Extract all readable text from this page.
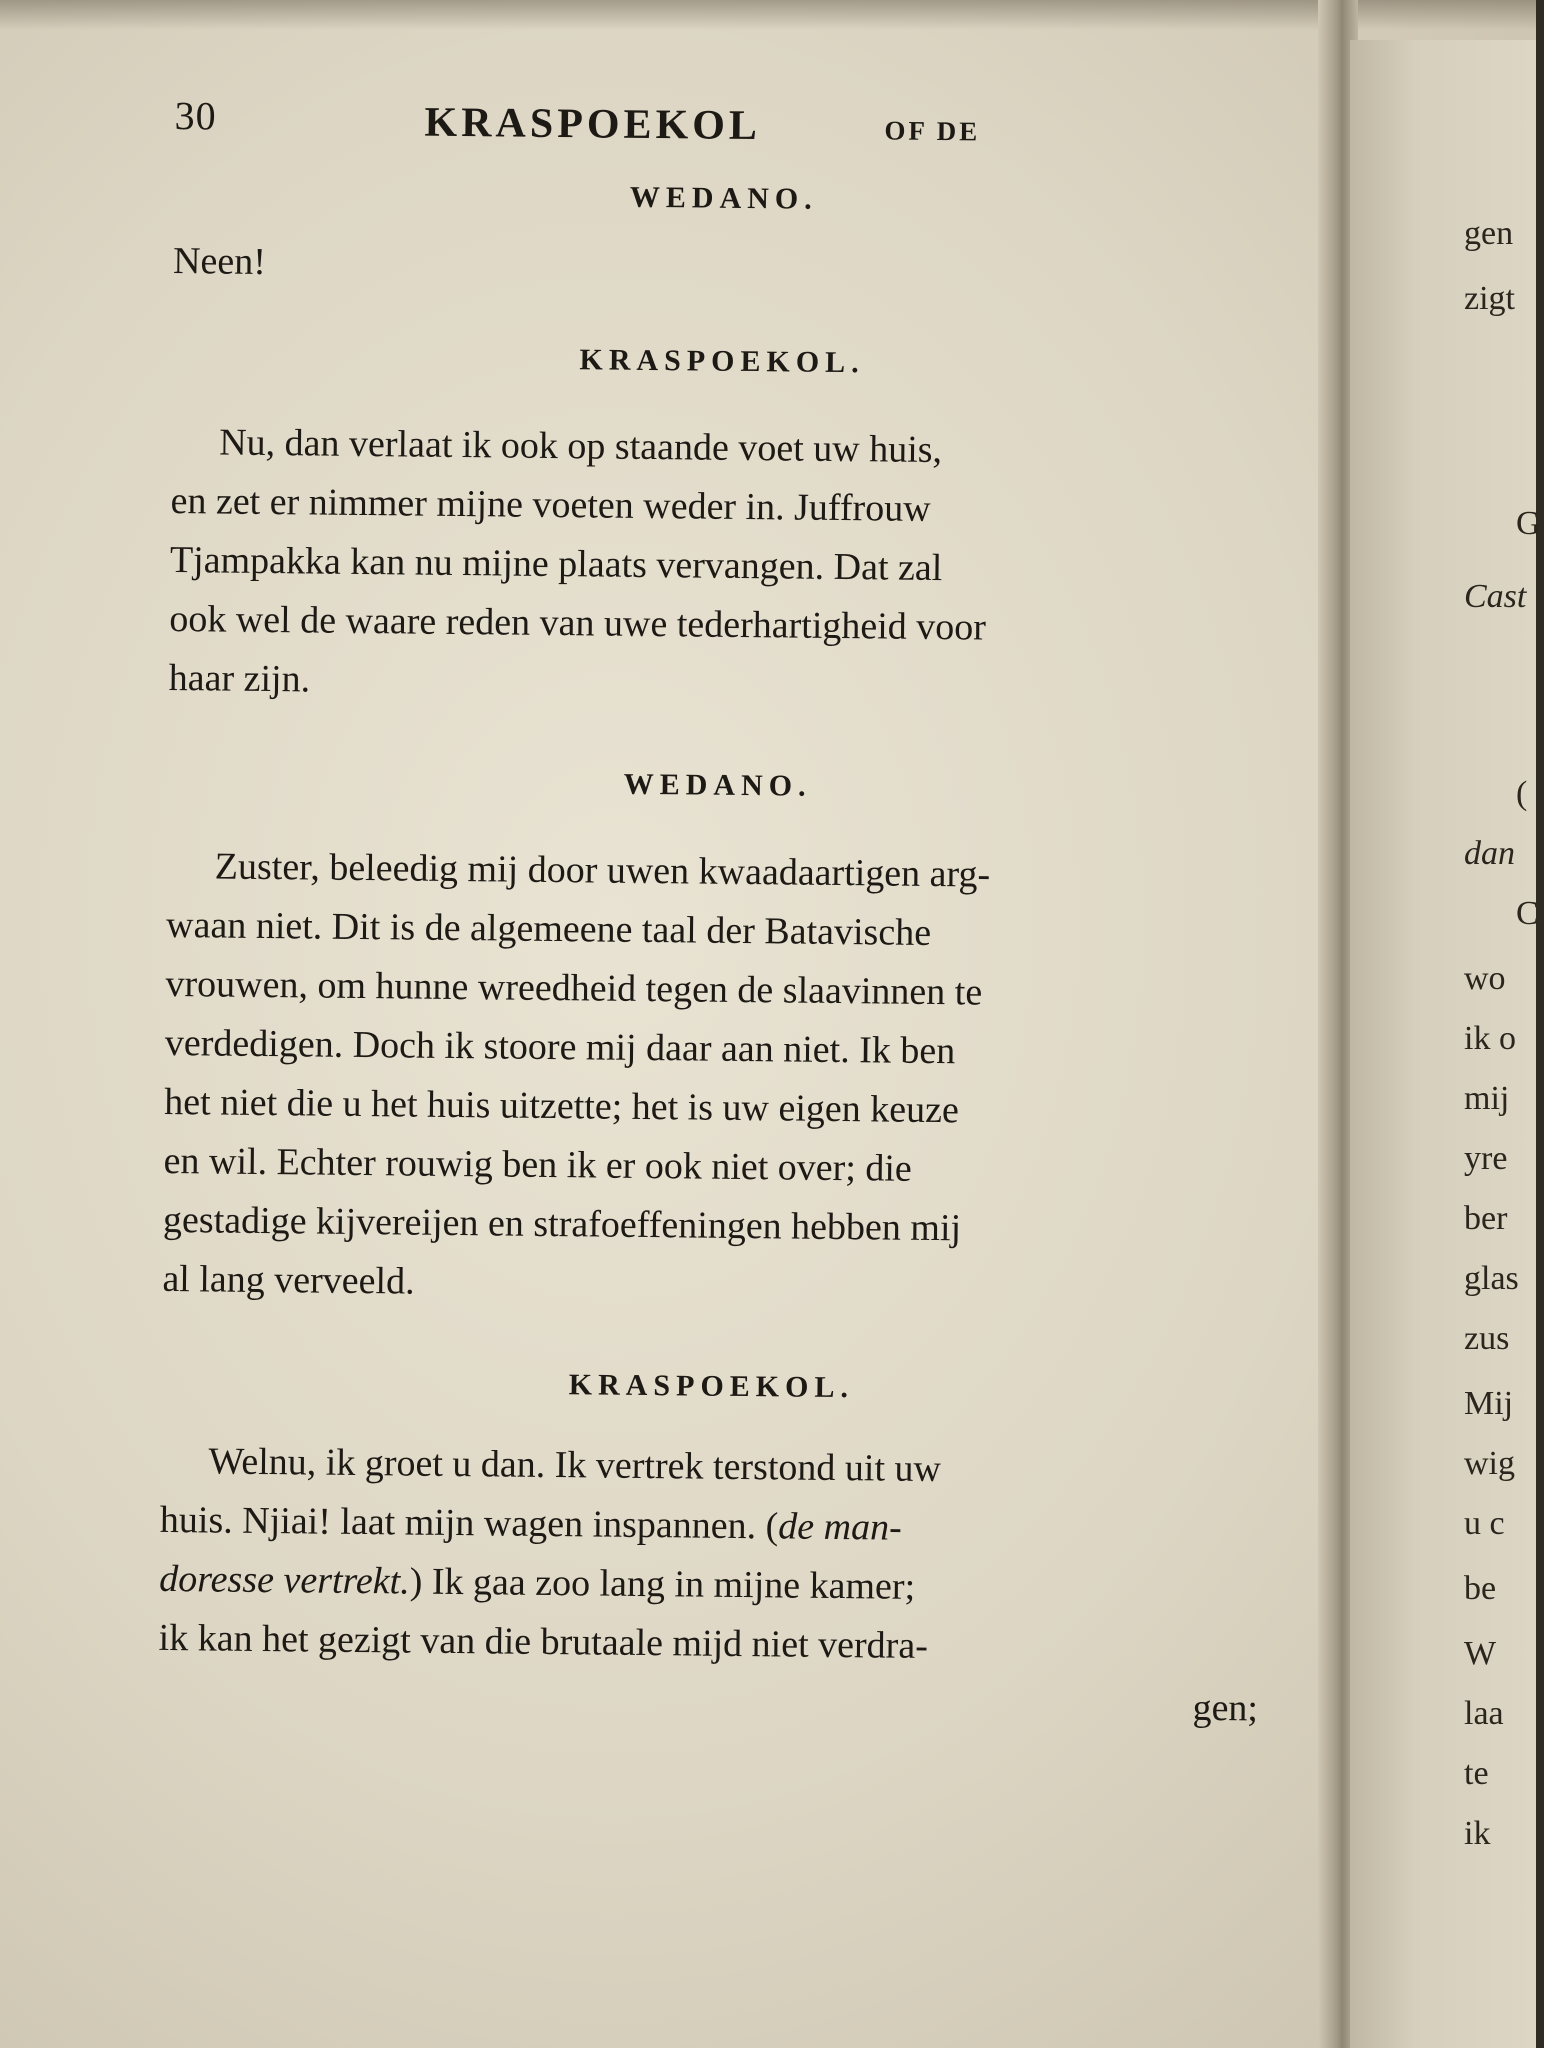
30	KRASPOEKOL	OF DE

WEDANO.

Neen!

KRASPOEKOL.

Nu, dan verlaat ik ook op staande voet uw huis,
en zet er nimmer mijne voeten weder in. Juffrouw
Tjampakka kan nu mijne plaats vervangen. Dat zal
ook wel de waare reden van uwe tederhartigheid voor
haar zijn.

WEDANO.

Zuster, beleedig mij door uwen kwaadaartigen arg-
waan niet. Dit is de algemeene taal der Batavische
vrouwen, om hunne wreedheid tegen de slaavinnen te
verdedigen. Doch ik stoore mij daar aan niet. Ik ben
het niet die u het huis uitzette; het is uw eigen keuze
en wil. Echter rouwig ben ik er ook niet over; die
gestadige kijvereijen en strafoeffeningen hebben mij
al lang verveeld.

KRASPOEKOL.

Welnu, ik groet u dan. Ik vertrek terstond uit uw
huis. Njiai! laat mijn wagen inspannen. (de man-
doresse vertrekt.) Ik gaa zoo lang in mijne kamer;
ik kan het gezigt van die brutaale mijd niet verdra-
gen;

gen
zigt
G
Cast
(
dan
C
wo
ik o
mij
yre
ber
glas
zus
Mij
wig
u c
be
W
laa
te
ik
